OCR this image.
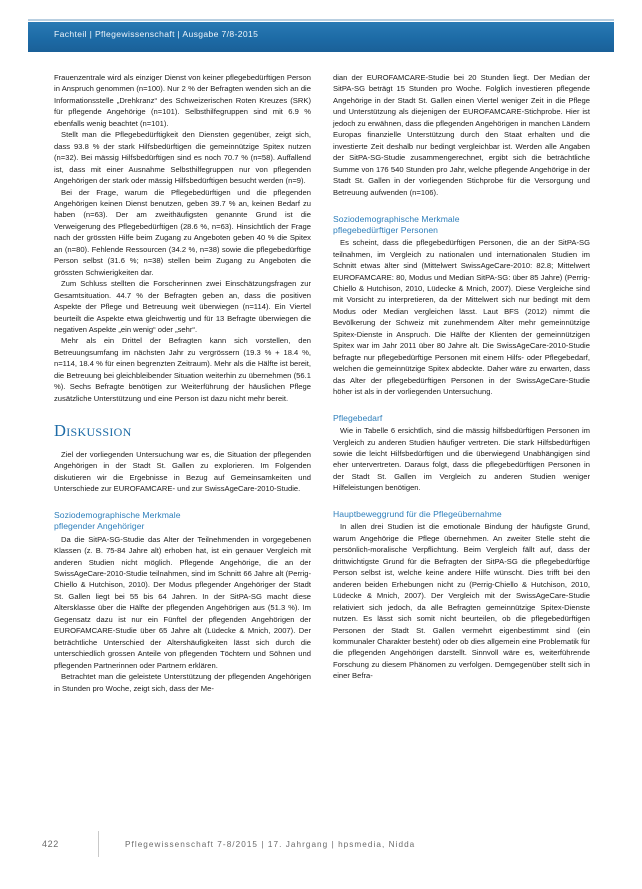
Fachteil | Pflegewissenschaft | Ausgabe 7/8-2015

Frauenzentrale wird als einziger Dienst von keiner pflegebedürftigen Person in Anspruch genommen (n=100). Nur 2 % der Befragten wenden sich an die Informationsstelle „Drehkranz“ des Schweizerischen Roten Kreuzes (SRK) für pflegende Angehörige (n=101). Selbsthilfegruppen sind mit 6.9 % ebenfalls wenig beachtet (n=101).

Stellt man die Pflegebedürftigkeit den Diensten gegenüber, zeigt sich, dass 93.8 % der stark Hilfsbedürftigen die gemeinnützige Spitex nutzen (n=32). Bei mässig Hilfsbedürftigen sind es noch 70.7 % (n=58). Auffallend ist, dass mit einer Ausnahme Selbsthilfegruppen nur von pflegenden Angehörigen der stark oder mässig Hilfsbedürftigen besucht werden (n=9).

Bei der Frage, warum die Pflegebedürftigen und die pflegenden Angehörigen keinen Dienst benutzen, geben 39.7 % an, keinen Bedarf zu haben (n=63). Der am zweithäufigsten genannte Grund ist die Verweigerung des Pflegebedürftigen (28.6 %, n=63). Hinsichtlich der Frage nach der grössten Hilfe beim Zugang zu Angeboten geben 40 % die Spitex an (n=80). Fehlende Ressourcen (34.2 %, n=38) sowie die pflegebedürftige Person selbst (31.6 %; n=38) stellen beim Zugang zu Angeboten die grössten Schwierigkeiten dar.

Zum Schluss stellten die Forscherinnen zwei Einschätzungsfragen zur Gesamtsituation. 44.7 % der Befragten geben an, dass die positiven Aspekte der Pflege und Betreuung weit überwiegen (n=114). Ein Viertel beurteilt die Aspekte etwa gleichwertig und für 13 Befragte überwiegen die negativen Aspekte „ein wenig“ oder „sehr“.

Mehr als ein Drittel der Befragten kann sich vorstellen, den Betreuungsumfang im nächsten Jahr zu vergrössern (19.3 % + 18.4 %, n=114, 18.4 % für einen begrenzten Zeitraum). Mehr als die Hälfte ist bereit, die Betreuung bei gleichbleibender Situation weiterhin zu übernehmen (56.1 %). Sechs Befragte benötigen zur Weiterführung der häuslichen Pflege zusätzliche Unterstützung und eine Person ist dazu nicht mehr bereit.

Diskussion

Ziel der vorliegenden Untersuchung war es, die Situation der pflegenden Angehörigen in der Stadt St. Gallen zu explorieren. Im Folgenden diskutieren wir die Ergebnisse in Bezug auf Gemeinsamkeiten und Unterschiede zur EUROFAMCARE- und zur SwissAgeCare-2010-Studie.

Soziodemographische Merkmale
pflegender Angehöriger

Da die SitPA-SG-Studie das Alter der Teilnehmenden in vorgegebenen Klassen (z. B. 75-84 Jahre alt) erhoben hat, ist ein genauer Vergleich mit anderen Studien nicht möglich. Pflegende Angehörige, die an der SwissAgeCare-2010-Studie teilnahmen, sind im Schnitt 66 Jahre alt (Perrig-Chiello & Hutchison, 2010). Der Modus pflegender Angehöriger der Stadt St. Gallen liegt bei 55 bis 64 Jahren. In der SitPA-SG macht diese Altersklasse über die Hälfte der pflegenden Angehörigen aus (51.3 %). Im Gegensatz dazu ist nur ein Fünftel der pflegenden Angehörigen der EUROFAMCARE-Studie über 65 Jahre alt (Lüdecke & Mnich, 2007). Der beträchtliche Unterschied der Altershäufigkeiten lässt sich durch die unterschiedlich grossen Anteile von pflegenden Töchtern und Söhnen und pflegenden Partnerinnen oder Partnern erklären.

Betrachtet man die geleistete Unterstützung der pflegenden Angehörigen in Stunden pro Woche, zeigt sich, dass der Me-

dian der EUROFAMCARE-Studie bei 20 Stunden liegt. Der Median der SitPA-SG beträgt 15 Stunden pro Woche. Folglich investieren pflegende Angehörige in der Stadt St. Gallen einen Viertel weniger Zeit in die Pflege und Unterstützung als diejenigen der EUROFAMCARE-Stichprobe. Hier ist jedoch zu erwähnen, dass die pflegenden Angehörigen in manchen Ländern Europas finanzielle Unterstützung durch den Staat erhalten und die investierte Zeit deshalb nur bedingt vergleichbar ist. Werden alle Angaben der SitPA-SG-Studie zusammengerechnet, ergibt sich die beträchtliche Summe von 176 540 Stunden pro Jahr, welche pflegende Angehörige in der Stadt St. Gallen in der vorliegenden Stichprobe für die Versorgung und Betreuung aufwenden (n=106).

Soziodemographische Merkmale
pflegebedürftiger Personen

Es scheint, dass die pflegebedürftigen Personen, die an der SitPA-SG teilnahmen, im Vergleich zu nationalen und internationalen Studien im Schnitt etwas älter sind (Mittelwert SwissAgeCare-2010: 82.8; Mittelwert EUROFAMCARE: 80, Modus und Median SitPA-SG: über 85 Jahre) (Perrig-Chiello & Hutchison, 2010, Lüdecke & Mnich, 2007). Diese Vergleiche sind mit Vorsicht zu interpretieren, da der Mittelwert sich nur bedingt mit dem Modus oder Median vergleichen lässt. Laut BFS (2012) nimmt die Bevölkerung der Schweiz mit zunehmendem Alter mehr gemeinnützige Spitex-Dienste in Anspruch. Die Hälfte der Klienten der gemeinnützigen Spitex war im Jahr 2011 über 80 Jahre alt. Die SwissAgeCare-2010-Studie befragte nur pflegebedürftige Personen mit einem Hilfs- oder Pflegebedarf, welchen die gemeinnützige Spitex abdeckte. Daher wäre zu erwarten, dass das Alter der pflegebedürftigen Personen in der SwissAgeCare-Studie höher ist als in der vorliegenden Untersuchung.

Pflegebedarf

Wie in Tabelle 6 ersichtlich, sind die mässig hilfsbedürftigen Personen im Vergleich zu anderen Studien häufiger vertreten. Die stark Hilfsbedürftigen sowie die leicht Hilfsbedürftigen und die überwiegend Unabhängigen sind eher untervertreten. Daraus folgt, dass die pflegebedürftigen Personen in der Stadt St. Gallen im Vergleich zu anderen Studien weniger Hilfeleistungen benötigen.

Hauptbeweggrund für die Pflegeübernahme

In allen drei Studien ist die emotionale Bindung der häufigste Grund, warum Angehörige die Pflege übernehmen. An zweiter Stelle steht die persönlich-moralische Verpflichtung. Beim Vergleich fällt auf, dass der drittwichtigste Grund für die Befragten der SitPA-SG die pflegebedürftige Person selbst ist, welche keine andere Hilfe wünscht. Dies trifft bei den anderen beiden Erhebungen nicht zu (Perrig-Chiello & Hutchison, 2010, Lüdecke & Mnich, 2007). Der Vergleich mit der SwissAgeCare-Studie relativiert sich jedoch, da alle Befragten gemeinnützige Spitex-Dienste nutzen. Es lässt sich somit nicht beurteilen, ob die pflegebedürftigen Personen der Stadt St. Gallen vermehrt eigenbestimmt sind (ein kommunaler Charakter besteht) oder ob dies allgemein eine Problematik für die pflegenden Angehörigen darstellt. Sinnvoll wäre es, weiterführende Forschung zu diesem Phänomen zu verfolgen. Demgegenüber stellt sich in einer Befra-

422	Pflegewissenschaft 7-8/2015 | 17. Jahrgang | hpsmedia, Nidda
